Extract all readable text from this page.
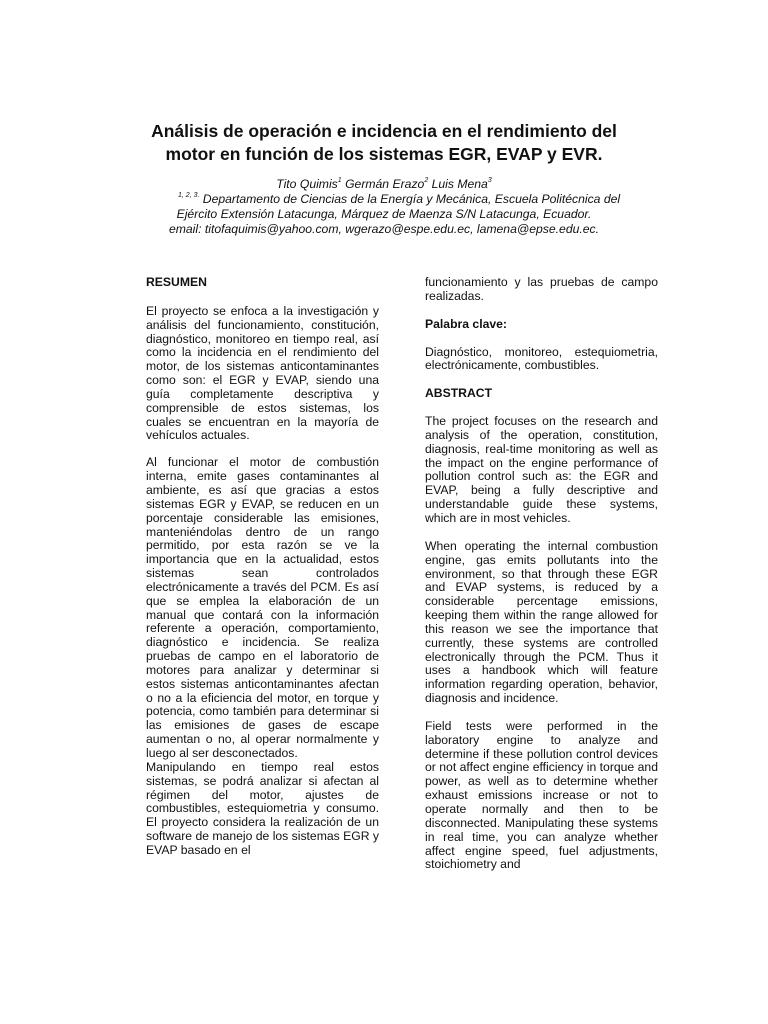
Análisis de operación e incidencia en el rendimiento del
motor en función de los sistemas EGR, EVAP y EVR.
Tito Quimis$^1$ Germán Erazo$^2$ Luis Mena$^3$
$^{1, 2, 3.}$ Departamento de Ciencias de la Energía y Mecánica, Escuela Politécnica del
Ejército Extensión Latacunga, Márquez de Maenza S/N Latacunga, Ecuador.
email: titofaquimis@yahoo.com, wgerazo@espe.edu.ec, lamena@epse.edu.ec.

RESUMEN

El proyecto se enfoca a la investigación y análisis del funcionamiento, constitución, diagnóstico, monitoreo en tiempo real, así como la incidencia en el rendimiento del motor, de los sistemas anticontaminantes como son: el EGR y EVAP, siendo una guía completamente descriptiva y comprensible de estos sistemas, los cuales se encuentran en la mayoría de vehículos actuales.

Al funcionar el motor de combustión interna, emite gases contaminantes al ambiente, es así que gracias a estos sistemas EGR y EVAP, se reducen en un porcentaje considerable las emisiones, manteniéndolas dentro de un rango permitido, por esta razón se ve la importancia que en la actualidad, estos sistemas sean controlados electrónicamente a través del PCM. Es así que se emplea la elaboración de un manual que contará con la información referente a operación, comportamiento, diagnóstico e incidencia. Se realiza pruebas de campo en el laboratorio de motores para analizar y determinar si estos sistemas anticontaminantes afectan o no a la eficiencia del motor, en torque y potencia, como también para determinar si las emisiones de gases de escape aumentan o no, al operar normalmente y luego al ser desconectados.

Manipulando en tiempo real estos sistemas, se podrá analizar si afectan al régimen del motor, ajustes de combustibles, estequiometria y consumo. El proyecto considera la realización de un software de manejo de los sistemas EGR y EVAP basado en el

funcionamiento y las pruebas de campo realizadas.

Palabra clave:

Diagnóstico, monitoreo, estequiometria, electrónicamente, combustibles.

ABSTRACT

The project focuses on the research and analysis of the operation, constitution, diagnosis, real-time monitoring as well as the impact on the engine performance of pollution control such as: the EGR and EVAP, being a fully descriptive and understandable guide these systems, which are in most vehicles.

When operating the internal combustion engine, gas emits pollutants into the environment, so that through these EGR and EVAP systems, is reduced by a considerable percentage emissions, keeping them within the range allowed for this reason we see the importance that currently, these systems are controlled electronically through the PCM. Thus it uses a handbook which will feature information regarding operation, behavior, diagnosis and incidence.

Field tests were performed in the laboratory engine to analyze and determine if these pollution control devices or not affect engine efficiency in torque and power, as well as to determine whether exhaust emissions increase or not to operate normally and then to be disconnected. Manipulating these systems in real time, you can analyze whether affect engine speed, fuel adjustments, stoichiometry and
